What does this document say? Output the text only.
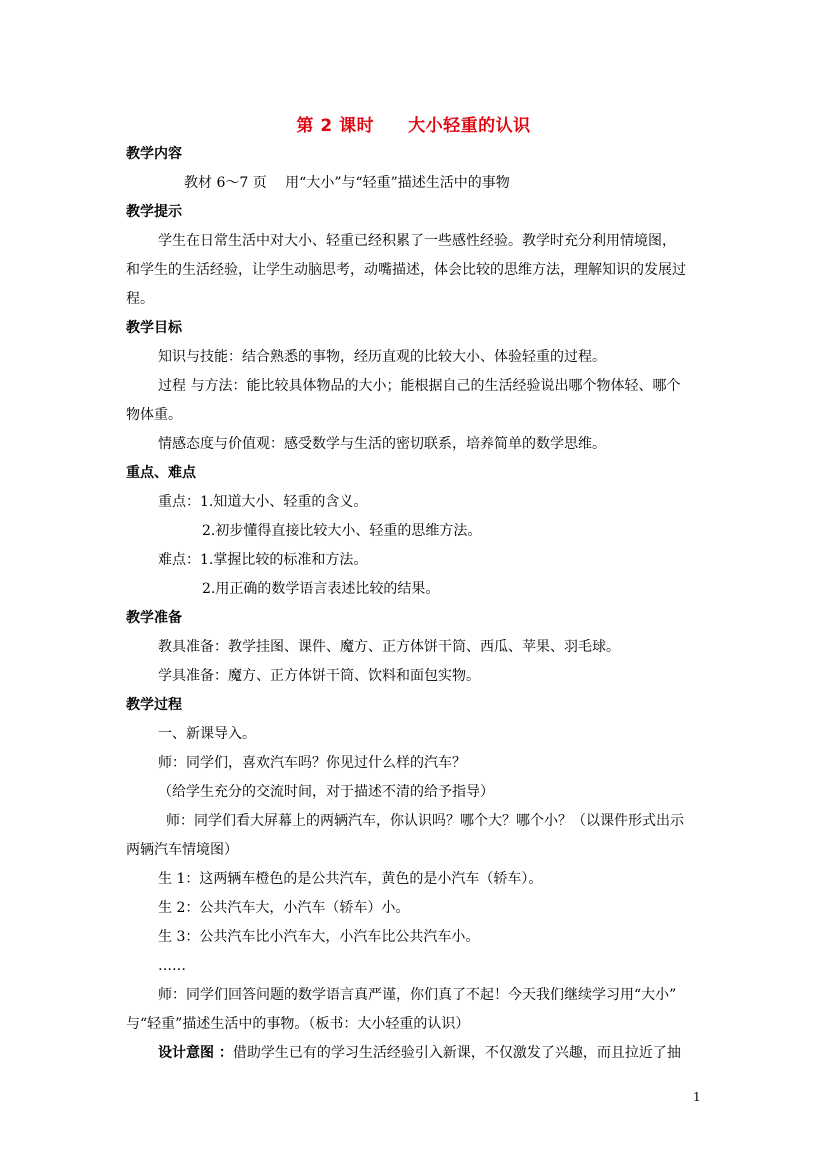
第 2 课时 大小轻重的认识
教学内容
教材 6～7 页　 用“大小”与“轻重”描述生活中的事物
教学提示
学生在日常生活中对大小、轻重已经积累了一些感性经验。教学时充分利用情境图，
和学生的生活经验，让学生动脑思考，动嘴描述，体会比较的思维方法，理解知识的发展过
程。
教学目标
知识与技能：结合熟悉的事物，经历直观的比较大小、体验轻重的过程。
过程 与方法：能比较具体物品的大小；能根据自己的生活经验说出哪个物体轻、哪个
物体重。
情感态度与价值观：感受数学与生活的密切联系，培养简单的数学思维。
重点、难点
重点：1.知道大小、轻重的含义。
2.初步懂得直接比较大小、轻重的思维方法。
难点：1.掌握比较的标准和方法。
2.用正确的数学语言表述比较的结果。
教学准备
教具准备：教学挂图、课件、魔方、正方体饼干筒、西瓜、苹果、羽毛球。
学具准备：魔方、正方体饼干筒、饮料和面包实物。
教学过程
一、新课导入。
师：同学们，喜欢汽车吗？你见过什么样的汽车？
（给学生充分的交流时间，对于描述不清的给予指导）
师：同学们看大屏幕上的两辆汽车，你认识吗？哪个大？哪个小？（以课件形式出示
两辆汽车情境图）
生 1：这两辆车橙色的是公共汽车，黄色的是小汽车（轿车）。
生 2：公共汽车大，小汽车（轿车）小。
生 3：公共汽车比小汽车大，小汽车比公共汽车小。
……
师：同学们回答问题的数学语言真严谨，你们真了不起！今天我们继续学习用“大小”
与“轻重”描述生活中的事物。（板书：大小轻重的认识）
设计意图 ：借助学生已有的学习生活经验引入新课，不仅激发了兴趣，而且拉近了抽
1
